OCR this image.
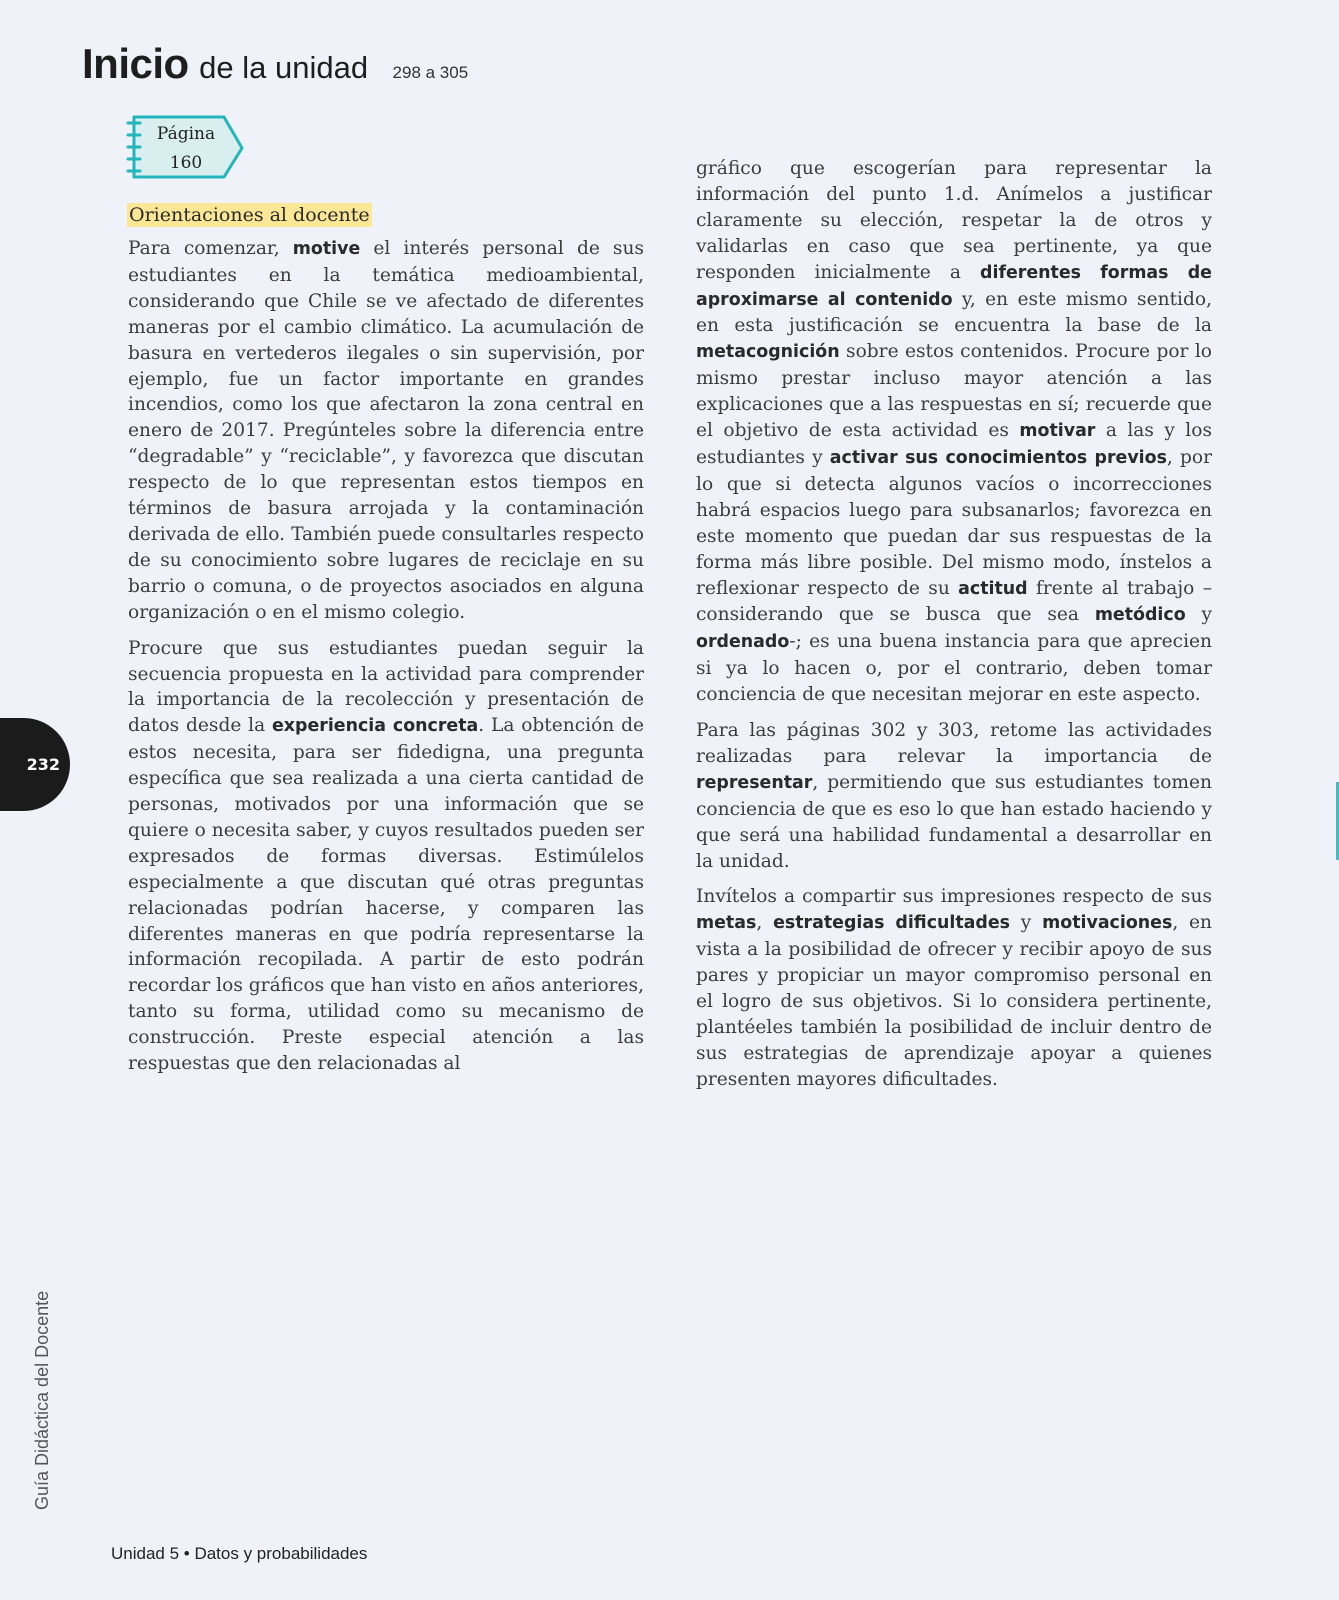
Inicio de la unidad 298 a 305
Página
160
Orientaciones al docente

Para comenzar, motive el interés personal de sus estudiantes en la temática medioambiental, considerando que Chile se ve afectado de diferentes maneras por el cambio climático. La acumulación de basura en vertederos ilegales o sin supervisión, por ejemplo, fue un factor importante en grandes incendios, como los que afectaron la zona central en enero de 2017. Pregúnteles sobre la diferencia entre “degradable” y “reciclable”, y favorezca que discutan respecto de lo que representan estos tiempos en términos de basura arrojada y la contaminación derivada de ello. También puede consultarles respecto de su conocimiento sobre lugares de reciclaje en su barrio o comuna, o de proyectos asociados en alguna organización o en el mismo colegio.

Procure que sus estudiantes puedan seguir la secuencia propuesta en la actividad para comprender la importancia de la recolección y presentación de datos desde la experiencia concreta. La obtención de estos necesita, para ser fidedigna, una pregunta específica que sea realizada a una cierta cantidad de personas, motivados por una información que se quiere o necesita saber, y cuyos resultados pueden ser expresados de formas diversas. Estimúlelos especialmente a que discutan qué otras preguntas relacionadas podrían hacerse, y comparen las diferentes maneras en que podría representarse la información recopilada. A partir de esto podrán recordar los gráficos que han visto en años anteriores, tanto su forma, utilidad como su mecanismo de construcción. Preste especial atención a las respuestas que den relacionadas al

gráfico que escogerían para representar la información del punto 1.d. Anímelos a justificar claramente su elección, respetar la de otros y validarlas en caso que sea pertinente, ya que responden inicialmente a diferentes formas de aproximarse al contenido y, en este mismo sentido, en esta justificación se encuentra la base de la metacognición sobre estos contenidos. Procure por lo mismo prestar incluso mayor atención a las explicaciones que a las respuestas en sí; recuerde que el objetivo de esta actividad es motivar a las y los estudiantes y activar sus conocimientos previos, por lo que si detecta algunos vacíos o incorrecciones habrá espacios luego para subsanarlos; favorezca en este momento que puedan dar sus respuestas de la forma más libre posible. Del mismo modo, ínstelos a reflexionar respecto de su actitud frente al trabajo –considerando que se busca que sea metódico y ordenado-; es una buena instancia para que aprecien si ya lo hacen o, por el contrario, deben tomar conciencia de que necesitan mejorar en este aspecto.

Para las páginas 302 y 303, retome las actividades realizadas para relevar la importancia de representar, permitiendo que sus estudiantes tomen conciencia de que es eso lo que han estado haciendo y que será una habilidad fundamental a desarrollar en la unidad.

Invítelos a compartir sus impresiones respecto de sus metas, estrategias dificultades y motivaciones, en vista a la posibilidad de ofrecer y recibir apoyo de sus pares y propiciar un mayor compromiso personal en el logro de sus objetivos. Si lo considera pertinente, plantéeles también la posibilidad de incluir dentro de sus estrategias de aprendizaje apoyar a quienes presenten mayores dificultades.

232
Guía Didáctica del Docente
Unidad 5 • Datos y probabilidades
